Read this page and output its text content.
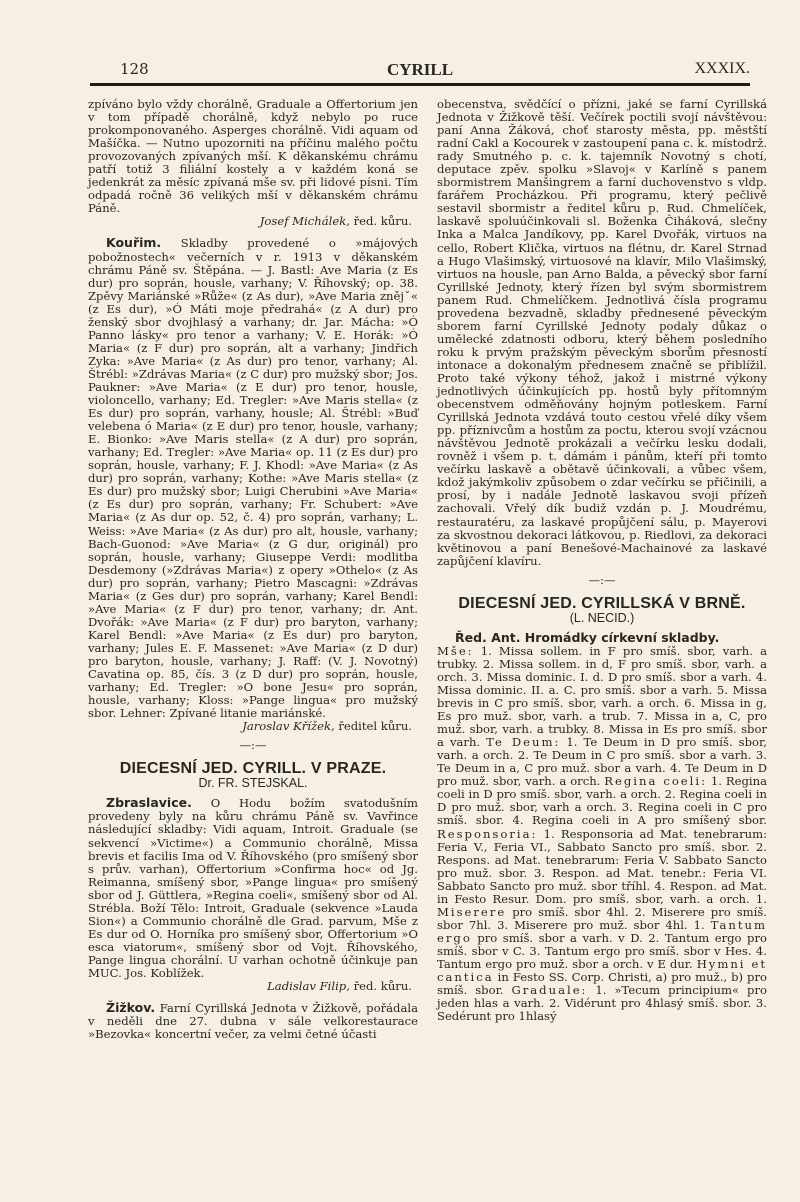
128	CYRILL	XXXIX.

zpíváno bylo vždy chorálně, Graduale a Offertorium jen v tom případě chorálně, když nebylo po ruce prokomponovaného. Asperges chorálně. Vidi aquam od Mašíčka. — Nutno upozorniti na příčinu malého počtu provozovaných zpívaných mší. K děkanskému chrámu patří totiž 3 filiální kostely a v každém koná se jedenkrát za měsíc zpívaná mše sv. při lidové písni. Tím odpadá ročně 36 velikých mší v děkanském chrámu Páně.

Josef Michálek, řed. kůru.

Kouřim. Skladby provedené o »májových pobožnostech« večerních v r. 1913 v děkanském chrámu Páně sv. Štěpána. — J. Bastl: Ave Maria (z Es dur) pro soprán, housle, varhany; V. Říhovský; op. 38. Zpěvy Mariánské »Růže« (z As dur), »Ave Maria znějˇ« (z Es dur), »Ó Máti moje předrahá« (z A dur) pro ženský sbor dvojhlasý a varhany; dr. Jar. Mácha: »Ó Panno lásky« pro tenor a varhany; V. E. Horák: »Ó Maria« (z F dur) pro soprán, alt a varhany; Jindřich Zyka: »Ave Maria« (z As dur) pro tenor, varhany; Al. Štrébl: »Zdrávas Maria« (z C dur) pro mužský sbor; Jos. Paukner: »Ave Maria« (z E dur) pro tenor, housle, violoncello, varhany; Ed. Tregler: »Ave Maris stella« (z Es dur) pro soprán, varhany, housle; Al. Štrébl: »Buď velebena ó Maria« (z E dur) pro tenor, housle, varhany; E. Bionko: »Ave Maris stella« (z A dur) pro soprán, varhany; Ed. Tregler: »Ave Maria« op. 11 (z Es dur) pro soprán, housle, varhany; F. J. Khodl: »Ave Maria« (z As dur) pro soprán, varhany; Kothe: »Ave Maris stella« (z Es dur) pro mužský sbor; Luigi Cherubini »Ave Maria« (z Es dur) pro soprán, varhany; Fr. Schubert: »Ave Maria« (z As dur op. 52, č. 4) pro soprán, varhany; L. Weiss: »Ave Maria« (z As dur) pro alt, housle, varhany; Bach-Guonod: »Ave Maria« (z G dur, originál) pro soprán, housle, varhany; Giuseppe Verdi: modlitba Desdemony (»Zdrávas Maria«) z opery »Othelo« (z As dur) pro soprán, varhany; Pietro Mascagni: »Zdrávas Maria« (z Ges dur) pro soprán, varhany; Karel Bendl: »Ave Maria« (z F dur) pro tenor, varhany; dr. Ant. Dvořák: »Ave Maria« (z F dur) pro baryton, varhany; Karel Bendl: »Ave Maria« (z Es dur) pro baryton, varhany; Jules E. F. Massenet: »Ave Maria« (z D dur) pro baryton, housle, varhany; J. Raff: (V. J. Novotný) Cavatina op. 85, čís. 3 (z D dur) pro soprán, housle, varhany; Ed. Tregler: »O bone Jesu« pro soprán, housle, varhany; Kloss: »Pange lingua« pro mužský sbor. Lehner: Zpívané litanie mariánské.

Jaroslav Křížek, ředitel kůru.

—:—

DIECESNÍ JED. CYRILL. V PRAZE.

Dr. FR. STEJSKAL.

Zbraslavice. O Hodu božím svatodušním provedeny byly na kůru chrámu Páně sv. Vavřince následující skladby: Vidi aquam, Introit. Graduale (se sekvencí »Victime«) a Communio chorálně, Missa brevis et facilis Ima od V. Říhovského (pro smíšený sbor s prův. varhan), Offertorium »Confirma hoc« od Jg. Reimanna, smíšený sbor, »Pange lingua« pro smíšený sbor od J. Güttlera, »Regina coeli«, smíšený sbor od Al. Strébla. Boží Tělo: Introit, Graduale (sekvence »Lauda Sion«) a Communio chorálně dle Grad. parvum, Mše z Es dur od O. Horníka pro smíšený sbor, Offertorium »O esca viatorum«, smíšený sbor od Vojt. Říhovského, Pange lingua chorální. U varhan ochotně účinkuje pan MUC. Jos. Koblížek.

Ladislav Filip, řed. kůru.

Žižkov. Farní Cyrillská Jednota v Žižkově, pořádala v neděli dne 27. dubna v sále velkorestaurace »Bezovka« koncertní večer, za velmi četné účasti

obecenstva, svědčící o přízni, jaké se farní Cyrillská Jednota v Žižkově těší. Večírek poctili svojí návštěvou: paní Anna Žáková, choť starosty města, pp. městští radní Cakl a Kocourek v zastoupení pana c. k. místodrž. rady Smutného p. c. k. tajemník Novotný s chotí, deputace zpěv. spolku »Slavoj« v Karlíně s panem sbormistrem Manšingrem a farní duchovenstvo s vldp. farářem Procházkou. Při programu, který pečlivě sestavil sbormistr a ředitel kůru p. Rud. Chmelíček, laskavě spoluúčinkovali sl. Boženka Čiháková, slečny Inka a Malca Jandíkovy, pp. Karel Dvořák, virtuos na cello, Robert Klička, virtuos na flétnu, dr. Karel Strnad a Hugo Vlašimský, virtuosové na klavír, Milo Vlašimský, virtuos na housle, pan Arno Balda, a pěvecký sbor farní Cyrillské Jednoty, který řízen byl svým sbormistrem panem Rud. Chmelíčkem. Jednotlivá čísla programu provedena bezvadně, skladby přednesené pěveckým sborem farní Cyrillské Jednoty podaly důkaz o umělecké zdatnosti odboru, který během posledního roku k prvým pražským pěveckým sborům přesností intonace a dokonalým přednesem značně se přiblížil. Proto také výkony téhož, jakož i mistrné výkony jednotlivých účinkujících pp. hostů byly přítomným obecenstvem odměňovány hojným potleskem. Farní Cyrillská Jednota vzdává touto cestou vřelé díky všem pp. příznivcům a hostům za poctu, kterou svojí vzácnou návštěvou Jednotě prokázali a večírku lesku dodali, rovněž i všem p. t. dámám i pánům, kteří při tomto večírku laskavě a obětavě účinkovali, a vůbec všem, kdož jakýmkoliv způsobem o zdar večírku se přičinili, a prosí, by i nadále Jednotě laskavou svoji přízeň zachovali. Vřelý dík budiž vzdán p. J. Moudrému, restauratéru, za laskavé propůjčení sálu, p. Mayerovi za skvostnou dekoraci látkovou, p. Riedlovi, za dekoraci květinovou a paní Benešové-Machainové za laskavé zapůjčení klavíru.

—:—

DIECESNÍ JED. CYRILLSKÁ V BRNĚ.

(L. NECID.)

Řed. Ant. Hromádky církevní skladby.

Mše: 1. Missa sollem. in F pro smíš. sbor, varh. a trubky. 2. Missa sollem. in d, F pro smíš. sbor, varh. a orch. 3. Missa dominic. I. d. D pro smíš. sbor a varh. 4. Missa dominic. II. a. C. pro smíš. sbor a varh. 5. Missa brevis in C pro smíš. sbor, varh. a orch. 6. Missa in g, Es pro muž. sbor, varh. a trub. 7. Missa in a, C, pro muž. sbor, varh. a trubky. 8. Missa in Es pro smíš. sbor a varh. Te Deum: 1. Te Deum in D pro smíš. sbor, varh. a orch. 2. Te Deum in C pro smíš. sbor a varh. 3. Te Deum in a, C pro muž. sbor a varh. 4. Te Deum in D pro muž. sbor, varh. a orch. Regina coeli: 1. Regina coeli in D pro smíš. sbor, varh. a orch. 2. Regina coeli in D pro muž. sbor, varh a orch. 3. Regina coeli in C pro smíš. sbor. 4. Regina coeli in A pro smíšený sbor. Responsoria: 1. Responsoria ad Mat. tenebrarum: Feria V., Feria VI., Sabbato Sancto pro smíš. sbor. 2. Respons. ad Mat. tenebrarum: Feria V. Sabbato Sancto pro muž. sbor. 3. Respon. ad Mat. tenebr.: Feria VI. Sabbato Sancto pro muž. sbor tříhl. 4. Respon. ad Mat. in Festo Resur. Dom. pro smíš. sbor, varh. a orch. 1. Miserere pro smíš. sbor 4hl. 2. Miserere pro smíš. sbor 7hl. 3. Miserere pro muž. sbor 4hl. 1. Tantum ergo pro smíš. sbor a varh. v D. 2. Tantum ergo pro smíš. sbor v C. 3. Tantum ergo pro smíš. sbor v Hes. 4. Tantum ergo pro muž. sbor a orch. v E dur. Hymni et cantica in Festo SS. Corp. Christi, a) pro muž., b) pro smíš. sbor. Graduale: 1. »Tecum principium« pro jeden hlas a varh. 2. Vidérunt pro 4hlasý smíš. sbor. 3. Sedérunt pro 1hlasý
